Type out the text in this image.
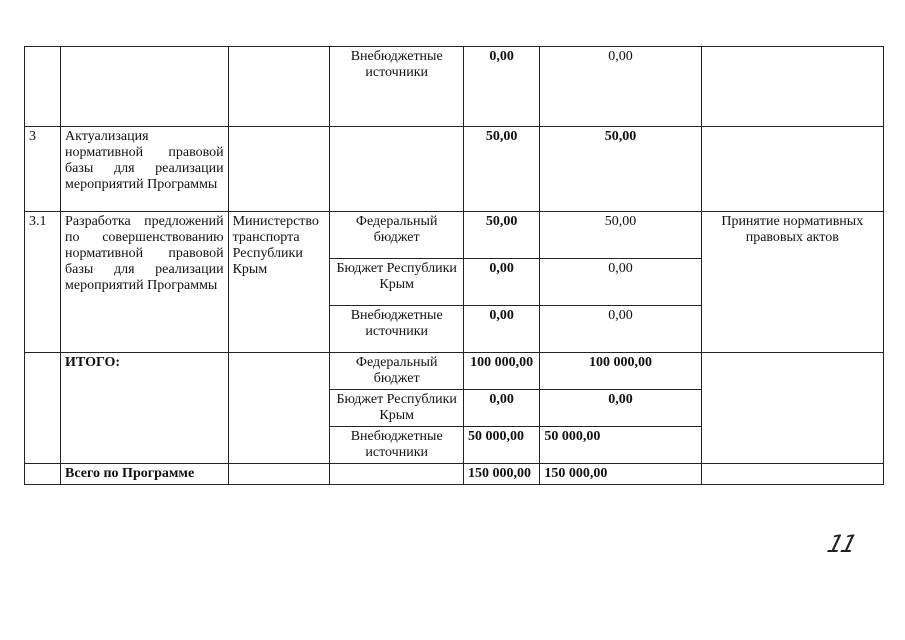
			Внебюджетные источники	0,00	0,00	
3	Актуализация нормативной правовой базы для реализации мероприятий Программы			50,00	50,00	
3.1	Разработка предложений по совершенствованию нормативной правовой базы для реализации мероприятий Программы	Министерство транспорта Республики Крым	Федеральный бюджет	50,00	50,00	Принятие нормативных правовых актов
			Бюджет Республики Крым	0,00	0,00	
			Внебюджетные источники	0,00	0,00	
	ИТОГО:		Федеральный бюджет	100 000,00	100 000,00	
			Бюджет Республики Крым	0,00	0,00	
			Внебюджетные источники	50 000,00	50 000,00	
	Всего по Программе			150 000,00	150 000,00	
11
